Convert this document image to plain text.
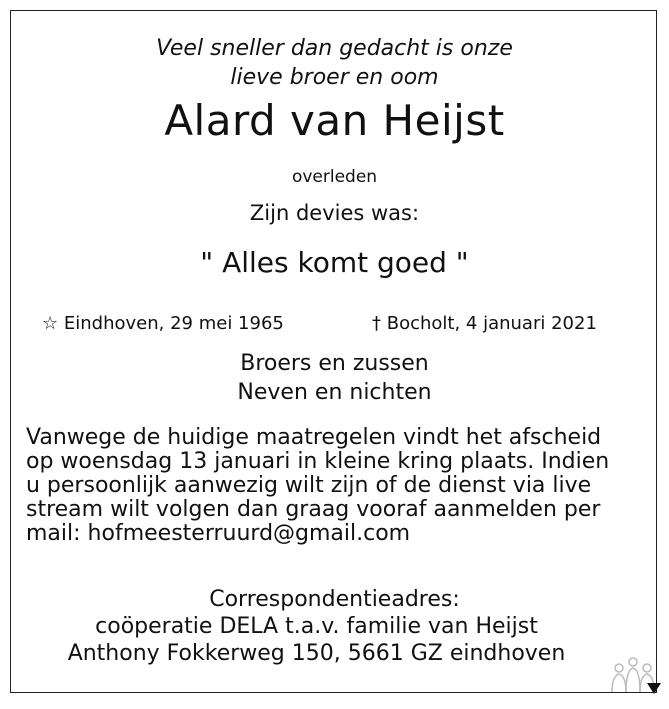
Veel sneller dan gedacht is onze
lieve broer en oom
Alard van Heijst
overleden
Zijn devies was:
" Alles komt goed "
☆ Eindhoven, 29 mei 1965	† Bocholt, 4 januari 2021
Broers en zussen
Neven en nichten
Vanwege de huidige maatregelen vindt het afscheid
op woensdag 13 januari in kleine kring plaats. Indien
u persoonlijk aanwezig wilt zijn of de dienst via live
stream wilt volgen dan graag vooraf aanmelden per
mail: hofmeesterruurd@gmail.com
Correspondentieadres:
coöperatie DELA t.a.v. familie van Heijst
Anthony Fokkerweg 150, 5661 GZ eindhoven
